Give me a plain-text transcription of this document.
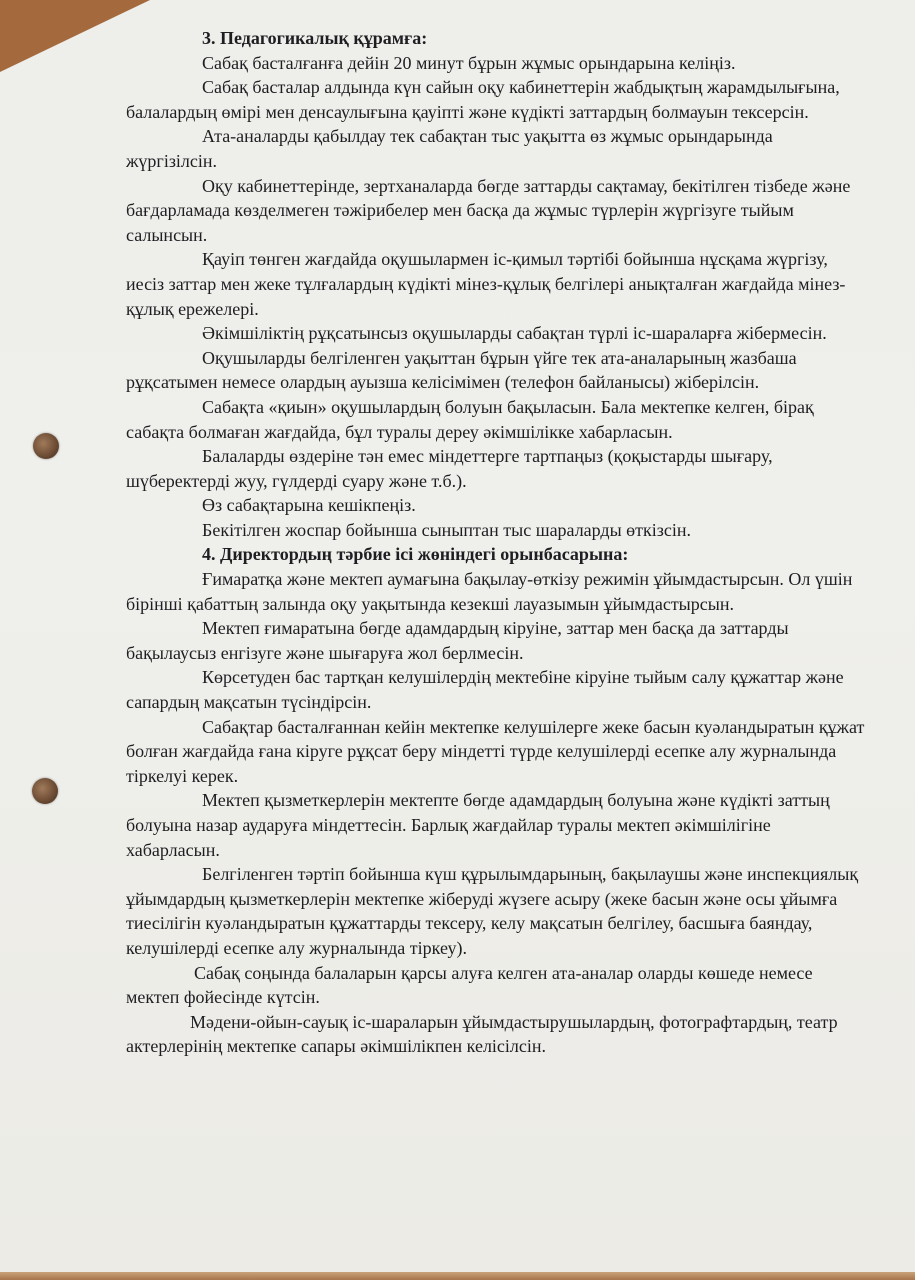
3. Педагогикалық құрамға:

Сабақ басталғанға дейін 20 минут бұрын жұмыс орындарына келіңіз.

Сабақ басталар алдында күн сайын оқу кабинеттерін жабдықтың жарамдылығына, балалардың өмірі мен денсаулығына қауіпті және күдікті заттардың болмауын тексерсін.

Ата-аналарды қабылдау тек сабақтан тыс уақытта өз жұмыс орындарында жүргізілсін.

Оқу кабинеттерінде, зертханаларда бөгде заттарды сақтамау, бекітілген тізбеде және бағдарламада көзделмеген тәжірибелер мен басқа да жұмыс түрлерін жүргізуге тыйым салынсын.

Қауіп төнген жағдайда оқушылармен іс-қимыл тәртібі бойынша нұсқама жүргізу, иесіз заттар мен жеке тұлғалардың күдікті мінез-құлық белгілері анықталған жағдайда мінез-құлық ережелері.

Әкімшіліктің рұқсатынсыз оқушыларды сабақтан түрлі іс-шараларға жібермесін.

Оқушыларды белгіленген уақыттан бұрын үйге тек ата-аналарының жазбаша рұқсатымен немесе олардың ауызша келісімімен (телефон байланысы) жіберілсін.

Сабақта «қиын» оқушылардың болуын бақыласын. Бала мектепке келген, бірақ сабақта болмаған жағдайда, бұл туралы дереу әкімшілікке хабарласын.

Балаларды өздеріне тән емес міндеттерге тартпаңыз (қоқыстарды шығару, шүберектерді жуу, гүлдерді суару және т.б.).

Өз сабақтарына кешікпеңіз.

Бекітілген жоспар бойынша сыныптан тыс шараларды өткізсін.

4. Директордың тәрбие ісі жөніндегі орынбасарына:

Ғимаратқа және мектеп аумағына бақылау-өткізу режимін ұйымдастырсын. Ол үшін бірінші қабаттың залында оқу уақытында кезекші лауазымын ұйымдастырсын.

Мектеп ғимаратына бөгде адамдардың кіруіне, заттар мен басқа да заттарды бақылаусыз енгізуге және шығаруға жол берлмесін.

Көрсетуден бас тартқан келушілердің мектебіне кіруіне тыйым салу құжаттар және сапардың мақсатын түсіндірсін.

Сабақтар басталғаннан кейін мектепке келушілерге жеке басын куәландыратын құжат болған жағдайда ғана кіруге рұқсат беру міндетті түрде келушілерді есепке алу журналында тіркелуі керек.

Мектеп қызметкерлерін мектепте бөгде адамдардың болуына және күдікті заттың болуына назар аударуға міндеттесін. Барлық жағдайлар туралы мектеп әкімшілігіне хабарласын.

Белгіленген тәртіп бойынша күш құрылымдарының, бақылаушы және инспекциялық ұйымдардың қызметкерлерін мектепке жіберуді жүзеге асыру (жеке басын және осы ұйымға тиесілігін куәландыратын құжаттарды тексеру, келу мақсатын белгілеу, басшыға баяндау, келушілерді есепке алу журналында тіркеу).

Сабақ соңында балаларын қарсы алуға келген ата-аналар оларды көшеде немесе мектеп фойесінде күтсін.

Мәдени-ойын-сауық іс-шараларын ұйымдастырушылардың, фотографтардың, театр актерлерінің мектепке сапары әкімшілікпен келісілсін.
